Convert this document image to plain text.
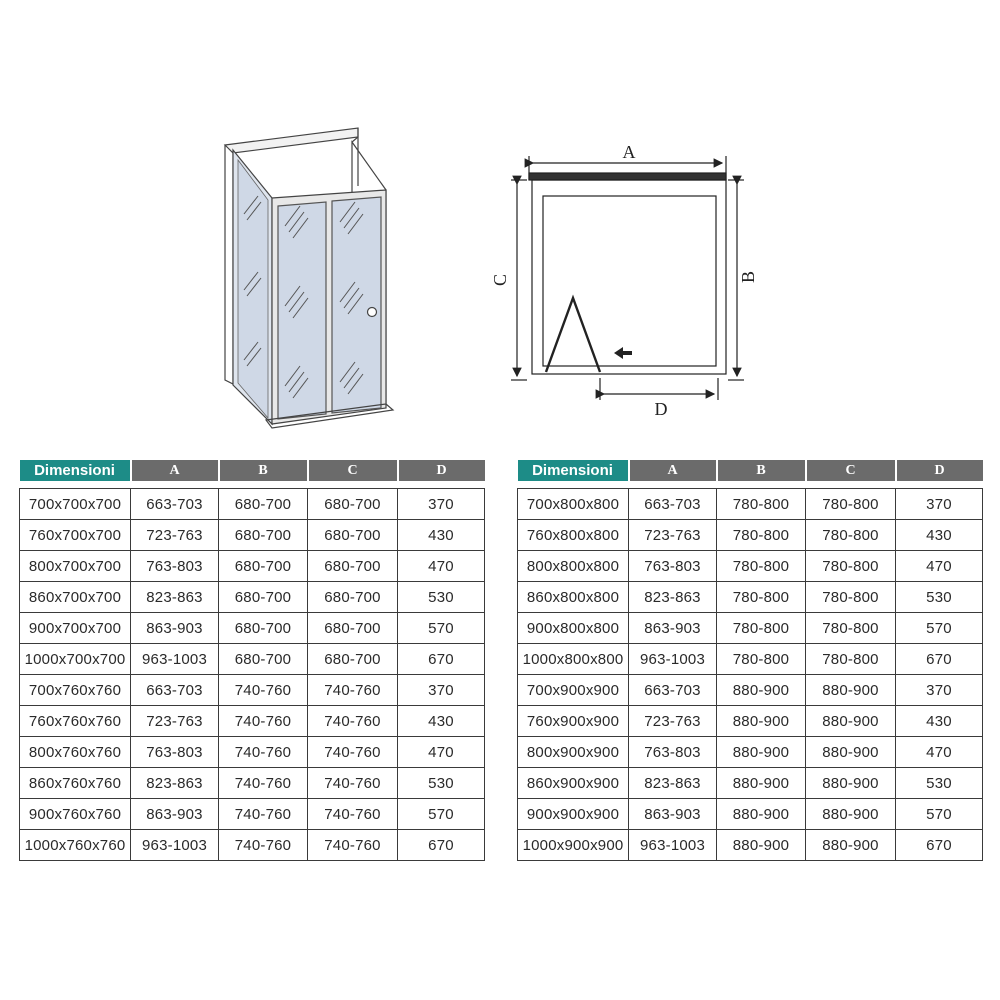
A
C	B
D
Dimensioni	A	B	C	D

700x700x700	663-703	680-700	680-700	370
760x700x700	723-763	680-700	680-700	430
800x700x700	763-803	680-700	680-700	470
860x700x700	823-863	680-700	680-700	530
900x700x700	863-903	680-700	680-700	570
1000x700x700	963-1003	680-700	680-700	670
700x760x760	663-703	740-760	740-760	370
760x760x760	723-763	740-760	740-760	430
800x760x760	763-803	740-760	740-760	470
860x760x760	823-863	740-760	740-760	530
900x760x760	863-903	740-760	740-760	570
1000x760x760	963-1003	740-760	740-760	670
Dimensioni	A	B	C	D

700x800x800	663-703	780-800	780-800	370
760x800x800	723-763	780-800	780-800	430
800x800x800	763-803	780-800	780-800	470
860x800x800	823-863	780-800	780-800	530
900x800x800	863-903	780-800	780-800	570
1000x800x800	963-1003	780-800	780-800	670
700x900x900	663-703	880-900	880-900	370
760x900x900	723-763	880-900	880-900	430
800x900x900	763-803	880-900	880-900	470
860x900x900	823-863	880-900	880-900	530
900x900x900	863-903	880-900	880-900	570
1000x900x900	963-1003	880-900	880-900	670
